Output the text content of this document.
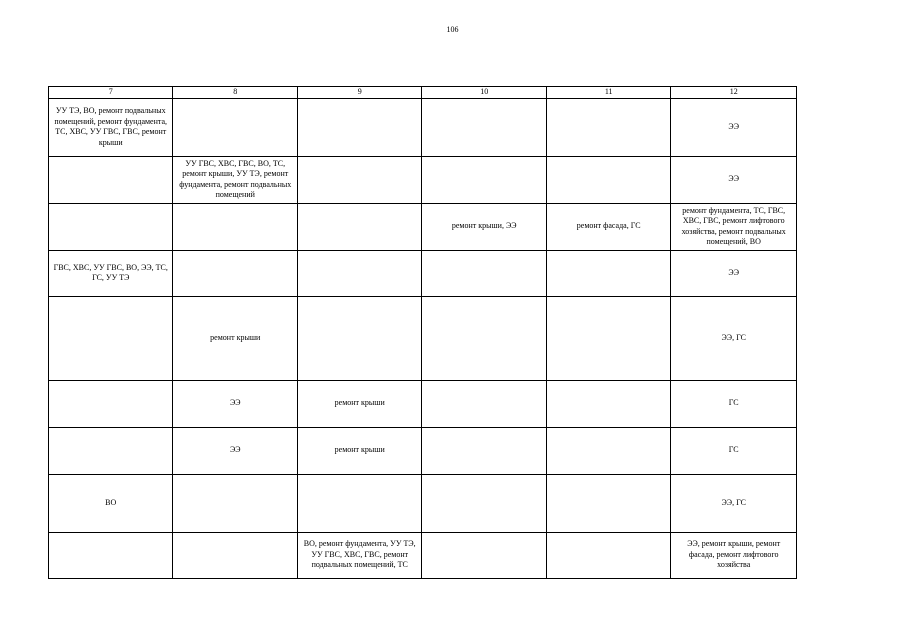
106
7	8	9	10	11	12
УУ ТЭ, ВО, ремонт подвальных помещений, ремонт фундамента, ТС, ХВС, УУ ГВС, ГВС, ремонт крыши					ЭЭ
	УУ ГВС, ХВС, ГВС, ВО, ТС, ремонт крыши, УУ ТЭ, ремонт фундамента, ремонт подвальных помещений				ЭЭ
			ремонт крыши, ЭЭ	ремонт фасада, ГС	ремонт фундамента, ТС, ГВС, ХВС, ГВС, ремонт лифтового хозяйства, ремонт подвальных помещений, ВО
ГВС, ХВС, УУ ГВС, ВО, ЭЭ, ТС, ГС, УУ ТЭ					ЭЭ
	ремонт крыши				ЭЭ, ГС
	ЭЭ	ремонт крыши			ГС
	ЭЭ	ремонт крыши			ГС
ВО					ЭЭ, ГС
		ВО, ремонт фундамента, УУ ТЭ, УУ ГВС, ХВС, ГВС, ремонт подвальных помещений, ТС			ЭЭ, ремонт крыши, ремонт фасада, ремонт лифтового хозяйства
